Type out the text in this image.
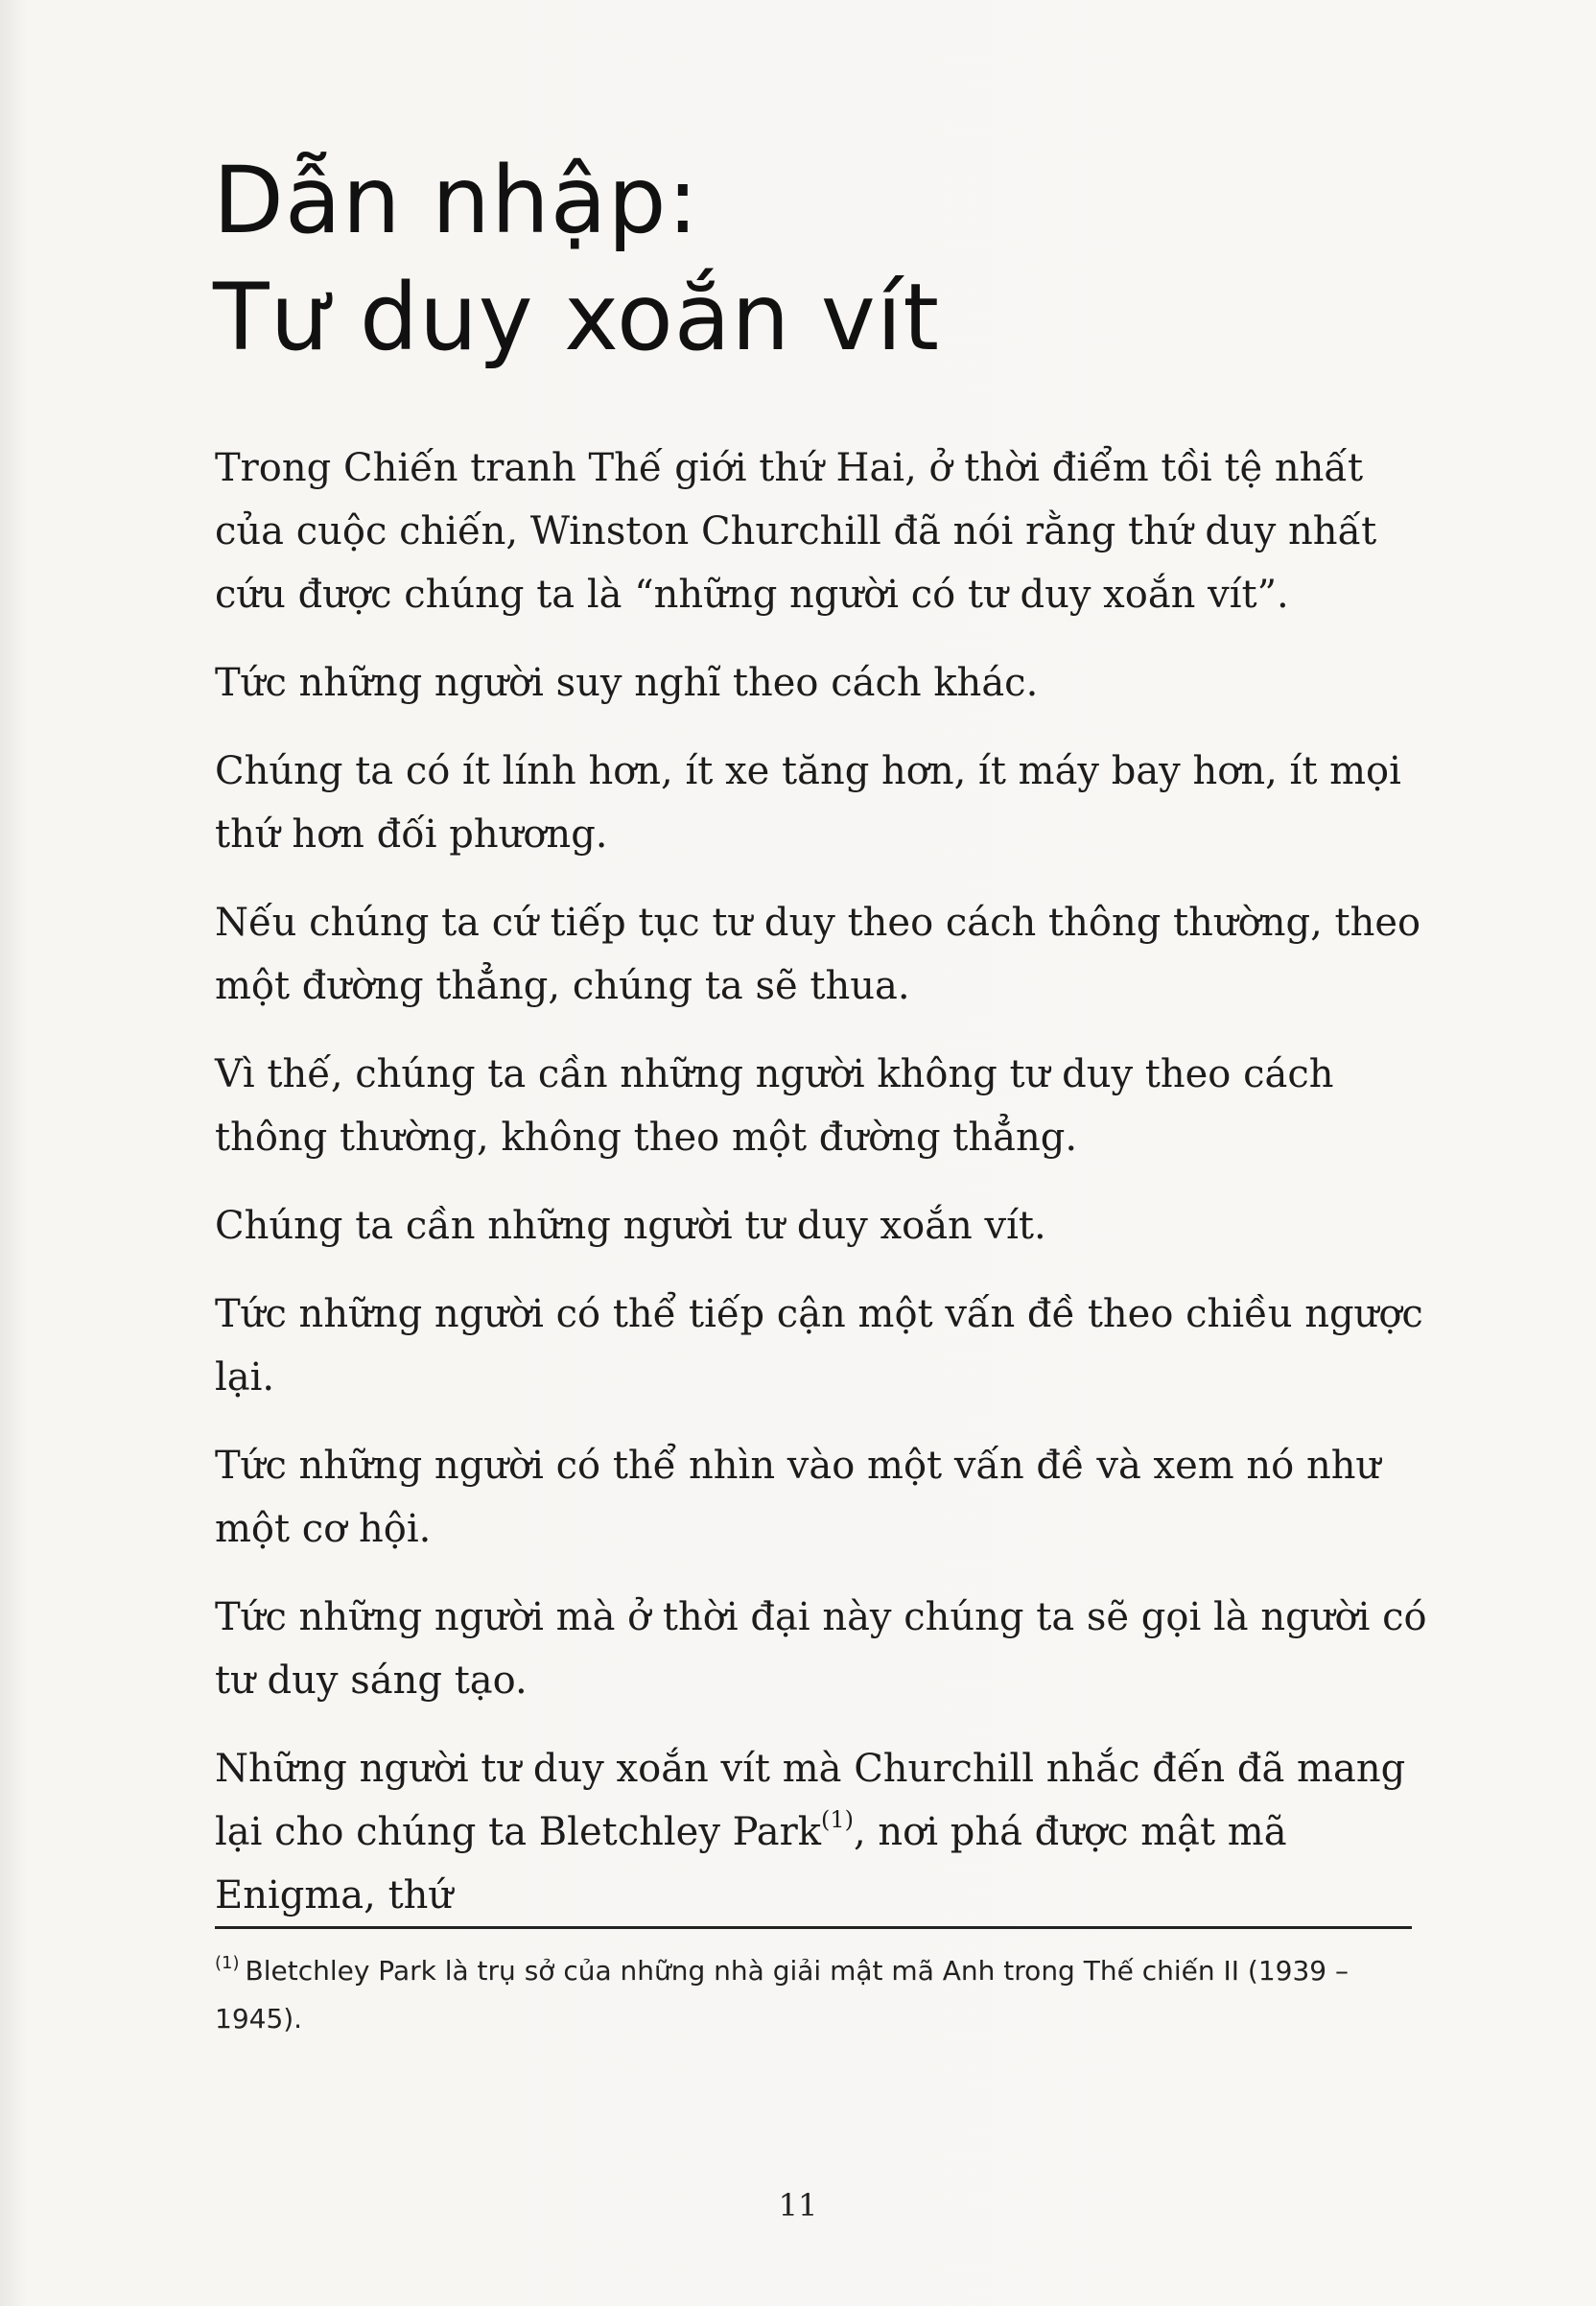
Dẫn nhập:
Tư duy xoắn vít

Trong Chiến tranh Thế giới thứ Hai, ở thời điểm tồi tệ nhất của cuộc chiến, Winston Churchill đã nói rằng thứ duy nhất cứu được chúng ta là “những người có tư duy xoắn vít”.

Tức những người suy nghĩ theo cách khác.

Chúng ta có ít lính hơn, ít xe tăng hơn, ít máy bay hơn, ít mọi thứ hơn đối phương.

Nếu chúng ta cứ tiếp tục tư duy theo cách thông thường, theo một đường thẳng, chúng ta sẽ thua.

Vì thế, chúng ta cần những người không tư duy theo cách thông thường, không theo một đường thẳng.

Chúng ta cần những người tư duy xoắn vít.

Tức những người có thể tiếp cận một vấn đề theo chiều ngược lại.

Tức những người có thể nhìn vào một vấn đề và xem nó như một cơ hội.

Tức những người mà ở thời đại này chúng ta sẽ gọi là người có tư duy sáng tạo.

Những người tư duy xoắn vít mà Churchill nhắc đến đã mang lại cho chúng ta Bletchley Park$^{(1)}$, nơi phá được mật mã Enigma, thứ

$^{(1)}$ Bletchley Park là trụ sở của những nhà giải mật mã Anh trong Thế chiến II (1939 – 1945).
11
